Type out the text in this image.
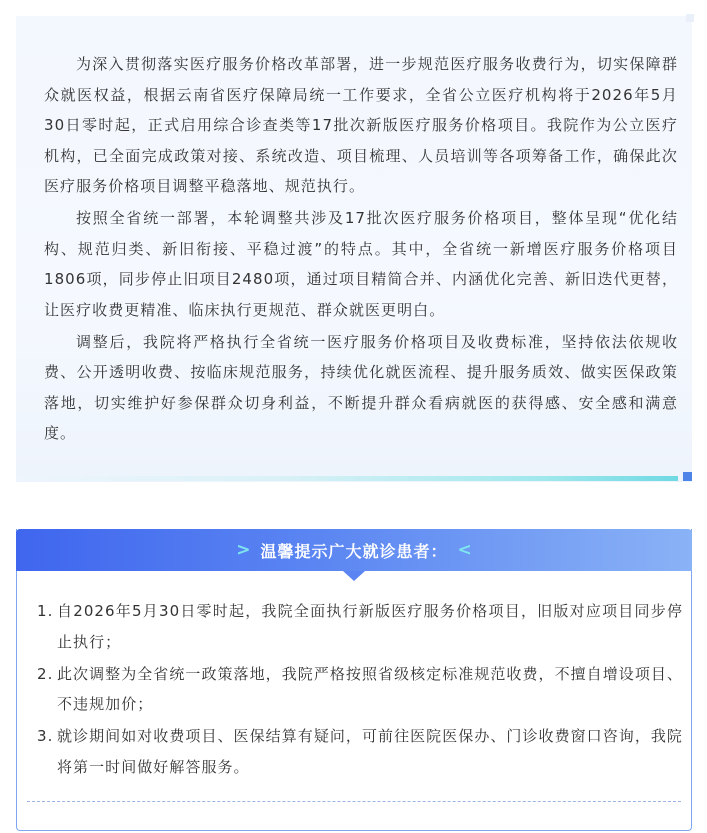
为深入贯彻落实医疗服务价格改革部署，进一步规范医疗服务收费行为，切实保障群众就医权益，根据云南省医疗保障局统一工作要求，全省公立医疗机构将于2026年5月30日零时起，正式启用综合诊查类等17批次新版医疗服务价格项目。我院作为公立医疗机构，已全面完成政策对接、系统改造、项目梳理、人员培训等各项筹备工作，确保此次医疗服务价格项目调整平稳落地、规范执行。

按照全省统一部署，本轮调整共涉及17批次医疗服务价格项目，整体呈现“优化结构、规范归类、新旧衔接、平稳过渡”的特点。其中，全省统一新增医疗服务价格项目1806项，同步停止旧项目2480项，通过项目精简合并、内涵优化完善、新旧迭代更替，让医疗收费更精准、临床执行更规范、群众就医更明白。

调整后，我院将严格执行全省统一医疗服务价格项目及收费标准，坚持依法依规收费、公开透明收费、按临床规范服务，持续优化就医流程、提升服务质效、做实医保政策落地，切实维护好参保群众切身利益，不断提升群众看病就医的获得感、安全感和满意度。

> 温馨提示广大就诊患者： <
1. 自2026年5月30日零时起，我院全面执行新版医疗服务价格项目，旧版对应项目同步停止执行；
2. 此次调整为全省统一政策落地，我院严格按照省级核定标准规范收费，不擅自增设项目、不违规加价；
3. 就诊期间如对收费项目、医保结算有疑问，可前往医院医保办、门诊收费窗口咨询，我院将第一时间做好解答服务。
